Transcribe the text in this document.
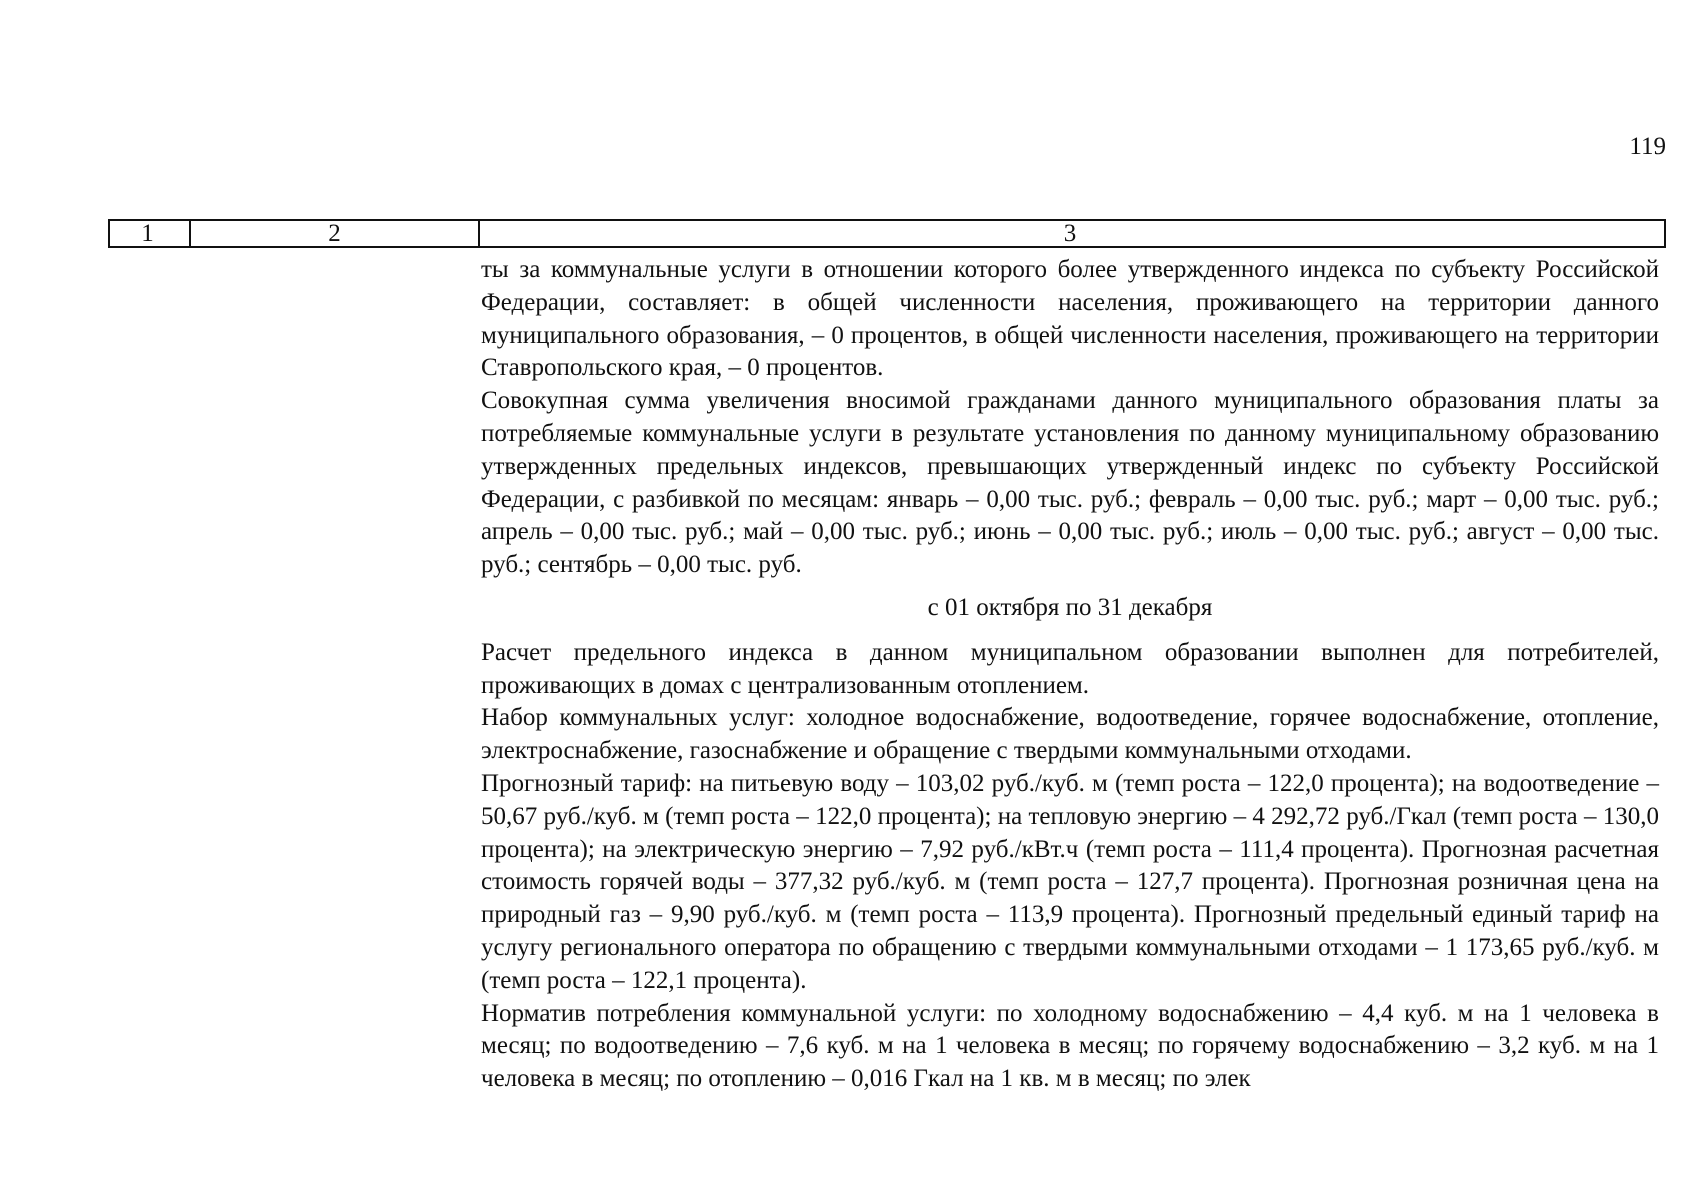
119
1	2	3

ты за коммунальные услуги в отношении которого более утвержденного индекса по субъекту Российской Федерации, составляет: в общей численности населения, проживающего на территории данного муниципального образования, – 0 процентов, в общей численности населения, проживающего на территории Ставропольского края, – 0 процентов.

Совокупная сумма увеличения вносимой гражданами данного муниципального образования платы за потребляемые коммунальные услуги в результате установления по данному муниципальному образованию утвержденных предельных индексов, превышающих утвержденный индекс по субъекту Российской Федерации, с разбивкой по месяцам: январь – 0,00 тыс. руб.; февраль – 0,00 тыс. руб.; март – 0,00 тыс. руб.; апрель – 0,00 тыс. руб.; май – 0,00 тыс. руб.; июнь – 0,00 тыс. руб.; июль – 0,00 тыс. руб.; август – 0,00 тыс. руб.; сентябрь – 0,00 тыс. руб.

с 01 октября по 31 декабря

Расчет предельного индекса в данном муниципальном образовании выполнен для потребителей, проживающих в домах с централизованным отоплением.

Набор коммунальных услуг: холодное водоснабжение, водоотведение, горячее водоснабжение, отопление, электроснабжение, газоснабжение и обращение с твердыми коммунальными отходами.

Прогнозный тариф: на питьевую воду – 103,02 руб./куб. м (темп роста – 122,0 процента); на водоотведение – 50,67 руб./куб. м (темп роста – 122,0 процента); на тепловую энергию – 4 292,72 руб./Гкал (темп роста – 130,0 процента); на электрическую энергию – 7,92 руб./кВт.ч (темп роста – 111,4 процента). Прогнозная расчетная стоимость горячей воды – 377,32 руб./куб. м (темп роста – 127,7 процента). Прогнозная розничная цена на природный газ – 9,90 руб./куб. м (темп роста – 113,9 процента). Прогнозный предельный единый тариф на услугу регионального оператора по обращению с твердыми коммунальными отходами – 1 173,65 руб./куб. м (темп роста – 122,1 процента).

Норматив потребления коммунальной услуги: по холодному водоснабжению – 4,4 куб. м на 1 человека в месяц; по водоотведению – 7,6 куб. м на 1 человека в месяц; по горячему водоснабжению – 3,2 куб. м на 1 человека в месяц; по отоплению – 0,016 Гкал на 1 кв. м в месяц; по элек
